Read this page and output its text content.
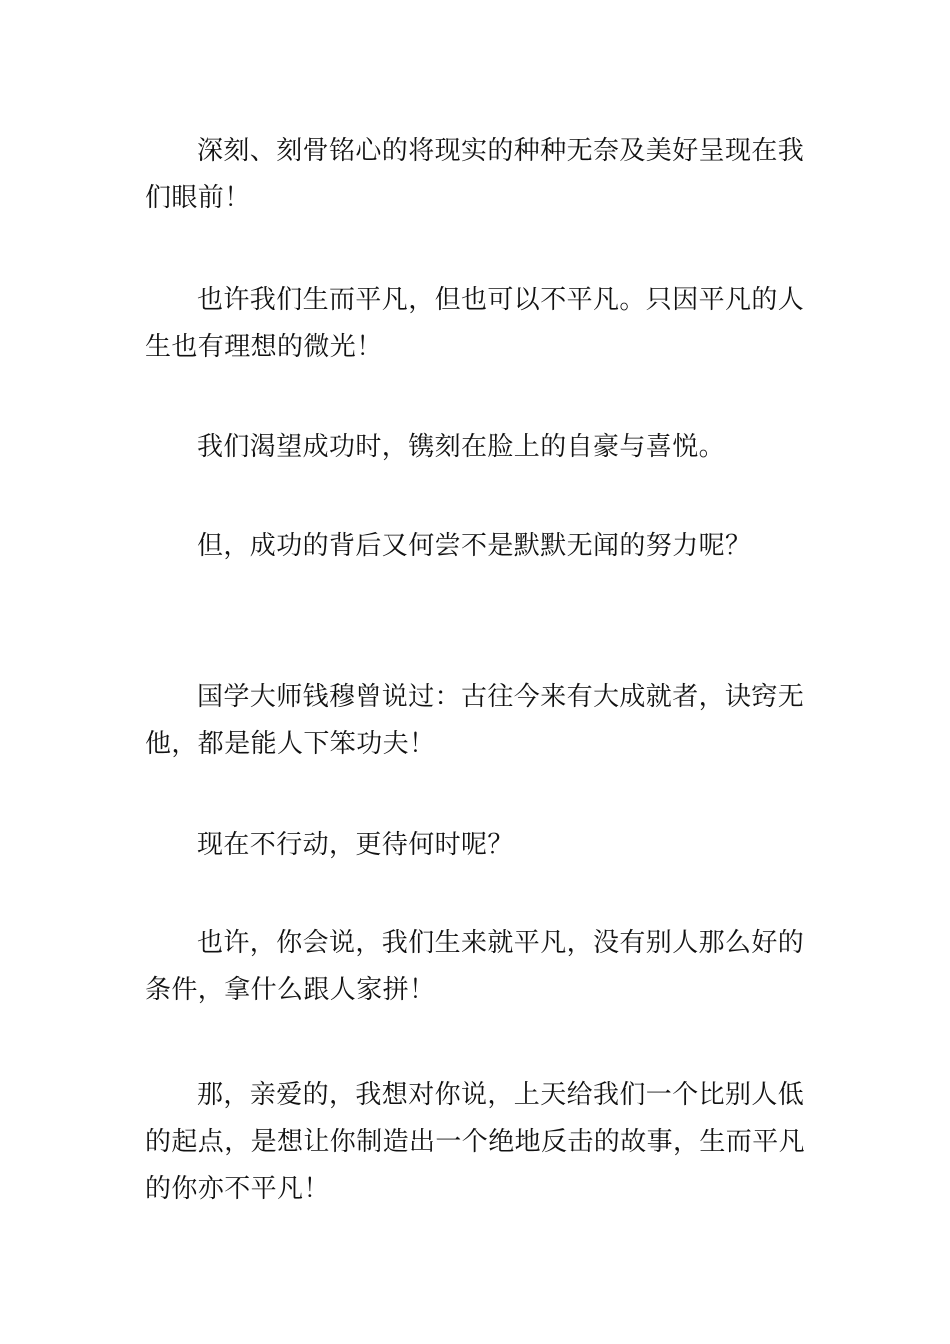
深刻、刻骨铭心的将现实的种种无奈及美好呈现在我们眼前！

也许我们生而平凡，但也可以不平凡。只因平凡的人生也有理想的微光！

我们渴望成功时，镌刻在脸上的自豪与喜悦。

但，成功的背后又何尝不是默默无闻的努力呢？

国学大师钱穆曾说过：古往今来有大成就者，诀窍无他，都是能人下笨功夫！

现在不行动，更待何时呢？

也许，你会说，我们生来就平凡，没有别人那么好的条件，拿什么跟人家拼！

那，亲爱的，我想对你说，上天给我们一个比别人低的起点，是想让你制造出一个绝地反击的故事，生而平凡的你亦不平凡！
